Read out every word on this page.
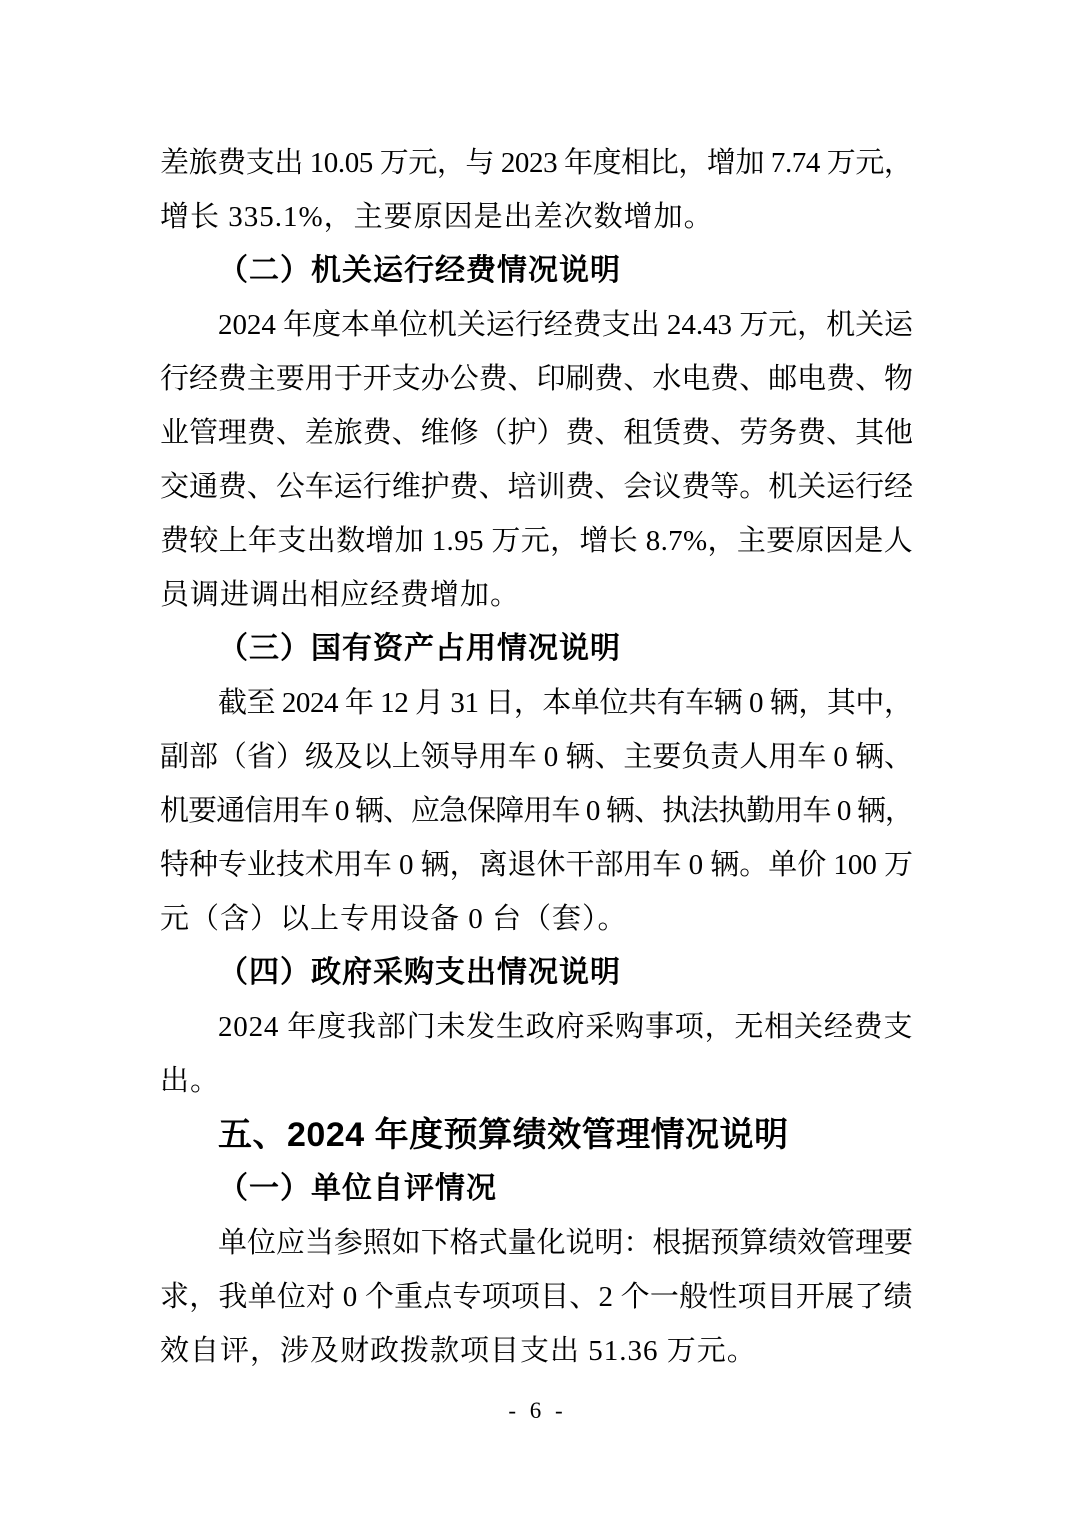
差旅费支出 10.05 万元，与 2023 年度相比，增加 7.74 万元，
增长 335.1%，主要原因是出差次数增加。
（二）机关运行经费情况说明
2024 年度本单位机关运行经费支出 24.43 万元，机关运
行经费主要用于开支办公费、印刷费、水电费、邮电费、物
业管理费、差旅费、维修（护）费、租赁费、劳务费、其他
交通费、公车运行维护费、培训费、会议费等。机关运行经
费较上年支出数增加 1.95 万元，增长 8.7%，主要原因是人
员调进调出相应经费增加。
（三）国有资产占用情况说明
截至 2024 年 12 月 31 日，本单位共有车辆 0 辆，其中，
副部（省）级及以上领导用车 0 辆、主要负责人用车 0 辆、
机要通信用车 0 辆、应急保障用车 0 辆、执法执勤用车 0 辆，
特种专业技术用车 0 辆，离退休干部用车 0 辆。单价 100 万
元（含）以上专用设备 0 台（套）。
（四）政府采购支出情况说明
2024 年度我部门未发生政府采购事项，无相关经费支
出。
五、2024 年度预算绩效管理情况说明
（一）单位自评情况
单位应当参照如下格式量化说明：根据预算绩效管理要
求，我单位对 0 个重点专项项目、2 个一般性项目开展了绩
效自评，涉及财政拨款项目支出 51.36 万元。
- 6 -
